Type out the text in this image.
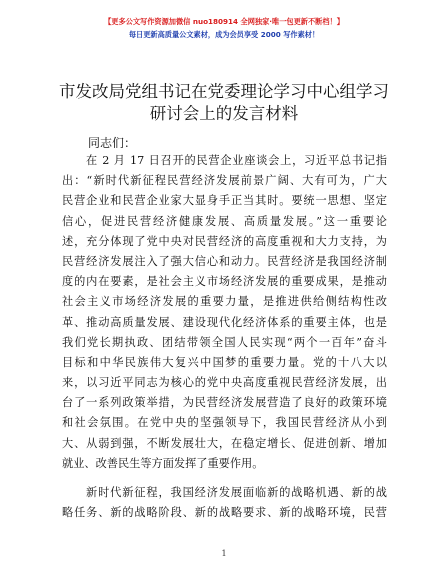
【更多公文写作资源加微信 nuo180914 全网独家·唯一包更新不断档！】
每日更新高质量公文素材，成为会员享受 2000 写作素材！
市发改局党组书记在党委理论学习中心组学习
研讨会上的发言材料
同志们：
在 2 月 17 日召开的民营企业座谈会上，习近平总书记指
出：“新时代新征程民营经济发展前景广阔、大有可为，广大
民营企业和民营企业家大显身手正当其时。要统一思想、坚定
信心，促进民营经济健康发展、高质量发展。”这一重要论
述，充分体现了党中央对民营经济的高度重视和大力支持，为
民营经济发展注入了强大信心和动力。民营经济是我国经济制
度的内在要素，是社会主义市场经济发展的重要成果，是推动
社会主义市场经济发展的重要力量，是推进供给侧结构性改
革、推动高质量发展、建设现代化经济体系的重要主体，也是
我们党长期执政、团结带领全国人民实现“两个一百年”奋斗
目标和中华民族伟大复兴中国梦的重要力量。党的十八大以
来，以习近平同志为核心的党中央高度重视民营经济发展，出
台了一系列政策举措，为民营经济发展营造了良好的政策环境
和社会氛围。在党中央的坚强领导下，我国民营经济从小到
大、从弱到强，不断发展壮大，在稳定增长、促进创新、增加
就业、改善民生等方面发挥了重要作用。
新时代新征程，我国经济发展面临新的战略机遇、新的战
略任务、新的战略阶段、新的战略要求、新的战略环境，民营
1
